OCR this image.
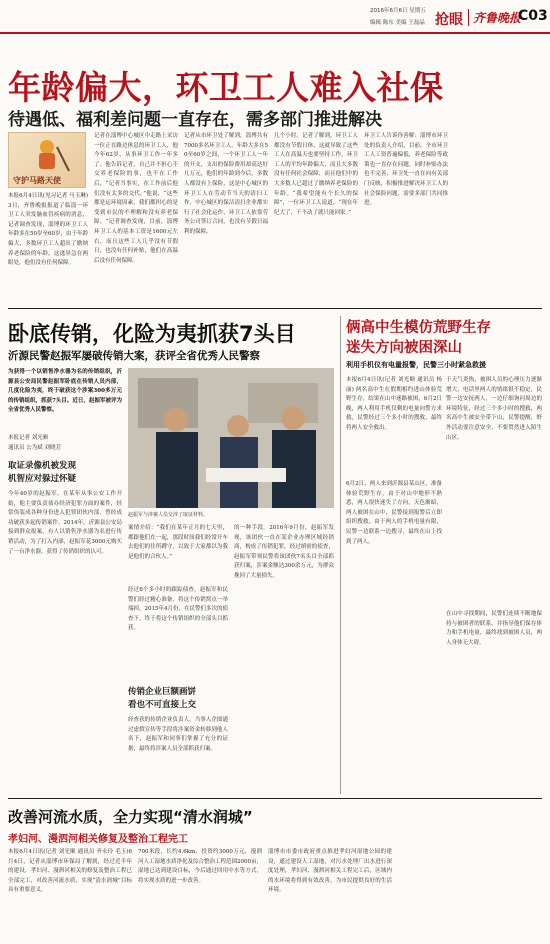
2016年6月6日 星期五
编辑 陈东 美编 王磊晶 抢眼 齐鲁晚报
C03
年龄偏大，环卫工人难入社保
待遇低、福利差问题一直存在，需多部门推进解决
守护马路天使
本报6月4日讯(见习记者 马玉琳) 3日，齐鲁晚报报道了临淄一环卫工人突发脑血管疾病的消息，记者调查发现，淄博的环卫工人年龄多在50岁至60岁，由于年龄偏大，多数环卫工人超出了缴纳养老保险的年龄，这逃异急在两眼处，他们没有任何保障。
记者在淄博中心城区中走路上采访一位正在路边休息的环卫工人，他今年62岁，从事环卫工作一年多了。他告诉记者，自己并不担心不交养老保险的事，也不在工作后，“记者当事实，在工作前后他们没有太多的交代。”他说，“这些都是运环境因素，我们都担心的是受到市民的不理解和没有养老保障。“记者调查发现，目前，淄博环卫工人的基本工资是1600元左右，而且这些工人几乎没有节假日，也没有任何补贴，他们在高温后没有任何保障。
记者从市环卫处了解到，淄博共有7000多名环卫工人，年龄大多在50至60岁之间，一个环卫工人一年的开支，支出的保险费用却高达好几万元，他们的年龄到今后，多数人都没有上保险，这是中心城区的环卫工人在劳动节当天的清扫工作，中心城区的保洁清扫企业都实行了社会化运作，环卫工人依靠劳务公司签订合同，也没有节假日福利的保障。
几个小时。记者了解到，环卫工人都没有节假日休，这就导致了这些工人在高温天也要坚持工作，环卫工人的平均年龄偏大，而且大多数没有任何社会保障，而且他们中的大多数人已超过了缴纳养老保险的年龄。“我希望能有个长久的保障”，一位环卫工人说道，“现在年纪大了，干不动了就只能回家。”
环卫工人告诉你善解：淄博市环卫处的负责人介绍，目前，全市环卫工人工资普遍偏低，养老保险等政策也一直存在问题，同时补贴办法也不完善，环卫处一直在向有关部门反映，积极推进解决环卫工人的社会保险问题，需要多部门共同推进。
卧底传销，化险为夷抓获7头目
沂源民警赵振军屡破传销大案，获评全省优秀人民警察
为获得一个以销售净水器为名的传销组织，沂源县公安局民警赵振军卧底在传销人员内部，几度化险为夷，终于破获这个涉案300多万元的传销组织，抓获7头目。近日，赵振军被评为全省优秀人民警察。
本报记者 刘光顺
通讯员 公为斌 刘晓芳
取证录像机被发现
机智应对躲过怀疑
今年40岁的赵振军，在某年从事公安工作开始，他主要负责侦办经济犯罪方面的案件，经常伪装成各种身份进入犯罪团伙内部，曾经成功破获多起传销案件。2014年，沂源县公安局接到群众报案，有人以销售净水器为名进行传销活动，为了打入内部，赵振军花3000元购买了一台净水器，获得了传销组织的认可。
赵振军与涉案人员交涉了取证材料。
案情介绍：“我们在某年正月的七天里，都跟他们在一起，那段时间我们经常开车去他们的住所蹲守，以致于大家都以为我是他们的合伙人。”
经过6个多小时的跟踪侦查，赵振军和民警们经过精心准备，将这个传销窝点一举端掉，2015年4月份，在民警们多次的侦查下，终于将这个传销组织的全部头目抓获。
传销企业巨额画饼
看也不可直接上交
经查获的传销企业负责人，当事人企图通过虚假宣传等手段将涉案资金转移到他人名下，赵振军和同事们掌握了充分的证据，最终将涉案人员全部抓获归案。
的一种手段。2016年9月份，赵振军发现，该团伙一直在某企业办理区域经销商，构成了传销犯罪，经过缜密的侦查，赵振军带领民警将该团伙7名头目全部抓获归案，涉案金额达300余万元，为群众挽回了大量损失。
俩高中生模仿荒野生存
迷失方向被困深山
利用手机仪有电量报警，民警三小时紧急救援
本报6月4日讯(记者 刘光顺 通讯员 杨丽) 两名高中生在假期相约进山体验荒野生存，结果在山中迷路被困，6月2日晚，两人利用手机仅剩的电量向警方求救，民警经过三个多小时的搜救，最终将两人安全救出。
6月2日，两人来到沂源县某山区，准备体验荒野生存，由于对山中地形不熟悉，两人很快迷失了方向，天色渐暗，两人被困在山中，民警接到报警后立即组织搜救，由于两人的手机电量有限，民警一边联系一边搜寻，最终在山上找到了两人。
于天气炎热，被困人员的心理压力逐渐增大，电话里两人的情绪很不稳定，民警一边安抚两人，一边仔细询问周边的环境特征，经过三个多小时的搜救，两名高中生被安全带下山，民警提醒，野外活动要注意安全，不要贸然进入陌生山区。
在山中寻找期间，民警们连续不断地保持与被困者的联系，并指导他们保存体力和手机电量，最终找到被困人员，两人身体无大碍。
改善河流水质，全力实现“清水润城”
孝妇河、漫泗河相关修复及整治工程完工
本报6月4日讯(记者 刘光顺 通讯员 齐永玲 毛玉)6月4日，记者从淄博市环保局了解到，经过近半年的建设，孝妇河、漫泗河相关的修复及整治工程已全部完工，对改善河流水质，实现“清水润城”目标具有重要意义。
700米段，长约4.6km，投资约3000万元，漫泗河人工湿地水质净化及综合整治工程范围2000亩，湿地已达到建设目标，今后通过回用中水等方式，将实现水质的进一步改善。
淄博市市委市政府重点推进孝妇河湿地公园的建设，通过建设人工湿地，对污水处理厂出水进行深度处理，孝妇河、漫泗河相关工程完工后，区域内的水环境将得到有效改善，为市民提供良好的生活环境。
